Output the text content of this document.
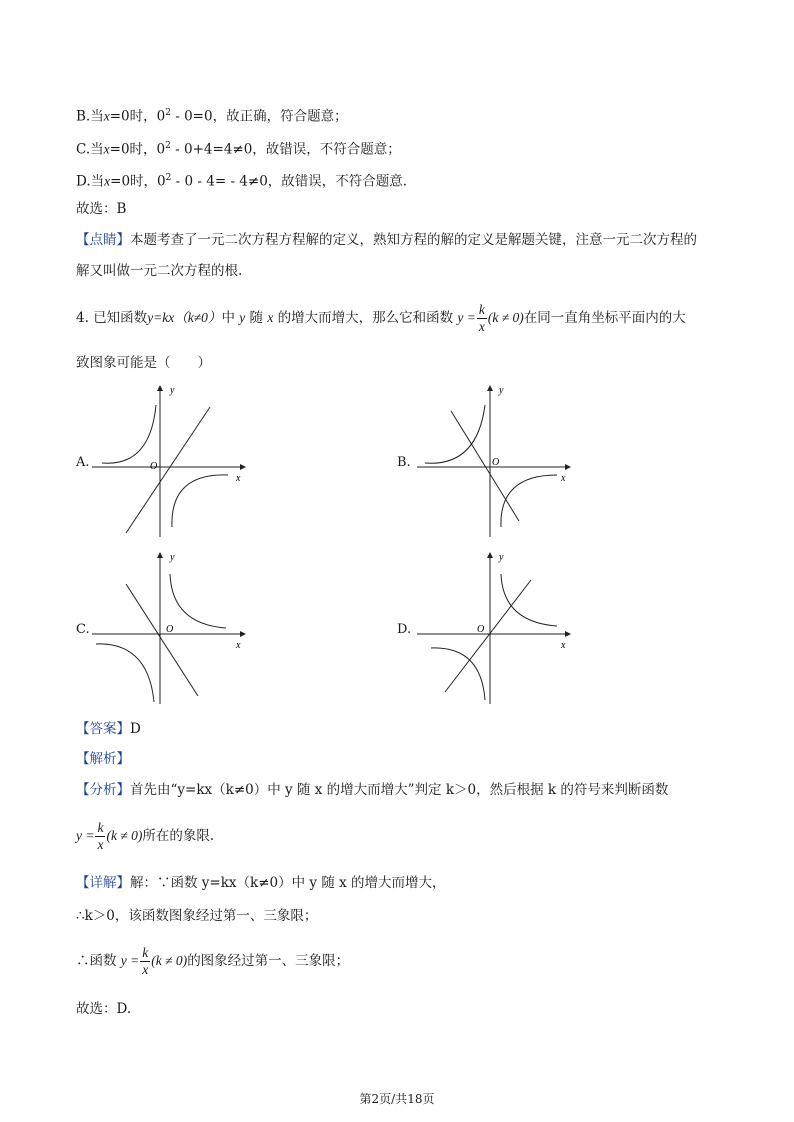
B.当x=0时，$0^2 - 0=0$，故正确，符合题意；
C.当x=0时，$0^2 - 0+4=4\ne 0$，故错误，不符合题意；
D.当x=0时，$0^2 - 0 - 4= - 4\ne 0$，故错误，不符合题意.
故选：B
【点睛】本题考查了一元二次方程方程解的定义，熟知方程的解的定义是解题关键，注意一元二次方程的
解又叫做一元二次方程的根.
4. 已知函数y=kx（k≠0）中 y 随 x 的增大而增大，那么它和函数 $y = \frac{k}{x} (k \ne 0)$在同一直角坐标平面内的大
致图象可能是（　　）
A.	B.
C.	D.
y
x
O
y
x
O
y
x
O
y
x
O
【答案】D
【解析】
【分析】首先由“y=kx（k≠0）中 y 随 x 的增大而增大”判定 k＞0，然后根据 k 的符号来判断函数
$y = \frac{k}{x} (k \ne 0)$所在的象限.
【详解】解：∵函数 y=kx（k≠0）中 y 随 x 的增大而增大，
∴k＞0，该函数图象经过第一、三象限；
∴函数 $y = \frac{k}{x} (k \ne 0)$的图象经过第一、三象限；
故选：D.
第2页/共18页
